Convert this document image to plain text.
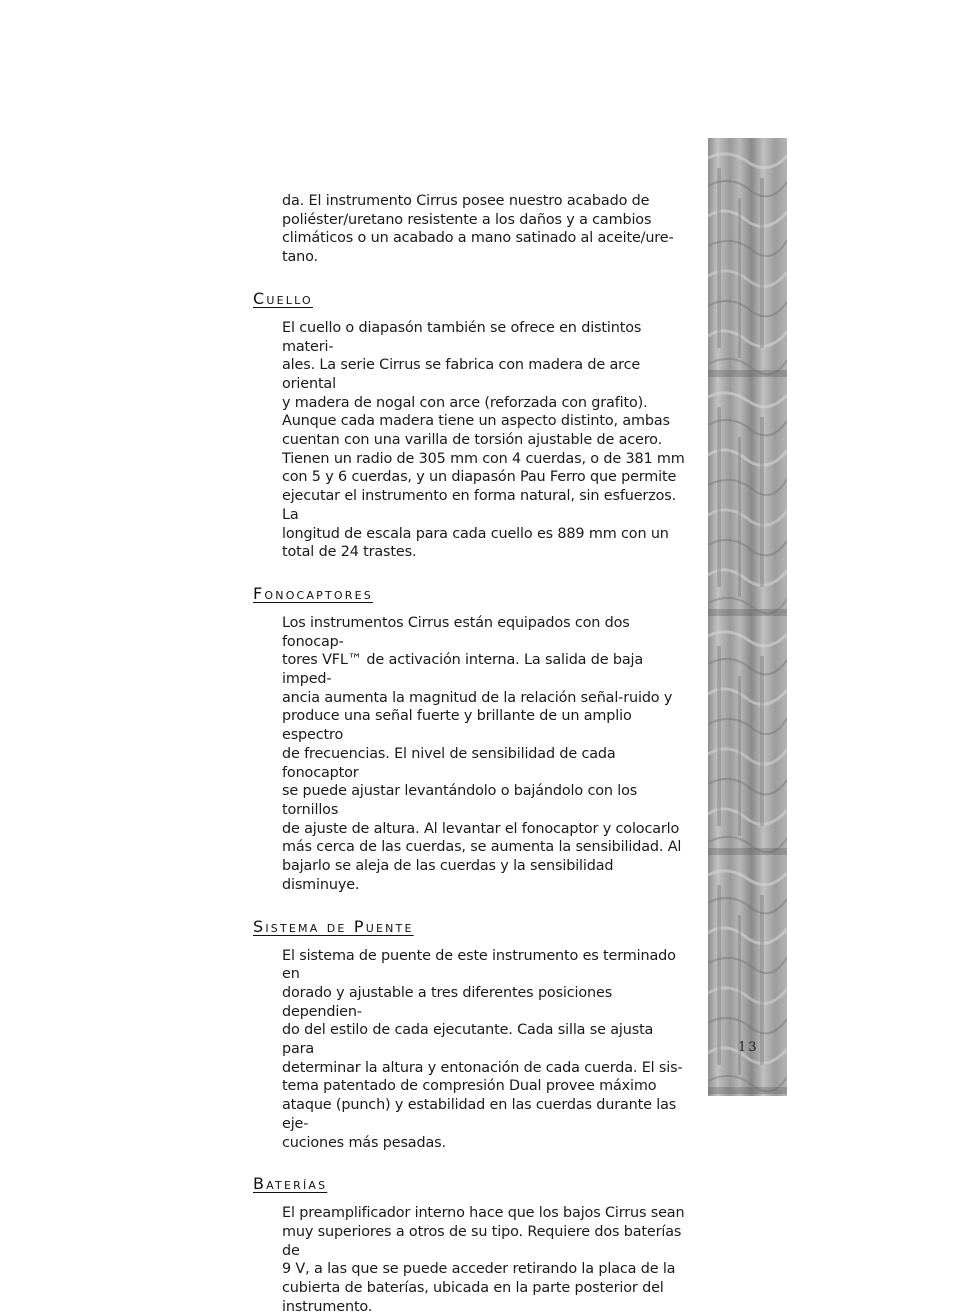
da. El instrumento Cirrus posee nuestro acabado de
poliéster/uretano resistente a los daños y a cambios
climáticos o un acabado a mano satinado al aceite/ure-
tano.

Cuello

El cuello o diapasón también se ofrece en distintos materi-
ales. La serie Cirrus se fabrica con madera de arce oriental
y madera de nogal con arce (reforzada con grafito).
Aunque cada madera tiene un aspecto distinto, ambas
cuentan con una varilla de torsión ajustable de acero.
Tienen un radio de 305 mm con 4 cuerdas, o de 381 mm
con 5 y 6 cuerdas, y un diapasón Pau Ferro que permite
ejecutar el instrumento en forma natural, sin esfuerzos. La
longitud de escala para cada cuello es 889 mm con un
total de 24 trastes.

Fonocaptores

Los instrumentos Cirrus están equipados con dos fonocap-
tores VFL™ de activación interna. La salida de baja imped-
ancia aumenta la magnitud de la relación señal-ruido y
produce una señal fuerte y brillante de un amplio espectro
de frecuencias. El nivel de sensibilidad de cada fonocaptor
se puede ajustar levantándolo o bajándolo con los tornillos
de ajuste de altura. Al levantar el fonocaptor y colocarlo
más cerca de las cuerdas, se aumenta la sensibilidad. Al
bajarlo se aleja de las cuerdas y la sensibilidad disminuye.

Sistema de Puente

El sistema de puente de este instrumento es terminado en
dorado y ajustable a tres diferentes posiciones dependien-
do del estilo de cada ejecutante. Cada silla se ajusta para
determinar la altura y entonación de cada cuerda. El sis-
tema patentado de compresión Dual provee máximo
ataque (punch) y estabilidad en las cuerdas durante las eje-
cuciones más pesadas.

Baterías

El preamplificador interno hace que los bajos Cirrus sean
muy superiores a otros de su tipo. Requiere dos baterías de
9 V, a las que se puede acceder retirando la placa de la
cubierta de baterías, ubicada en la parte posterior del
instrumento.

13
